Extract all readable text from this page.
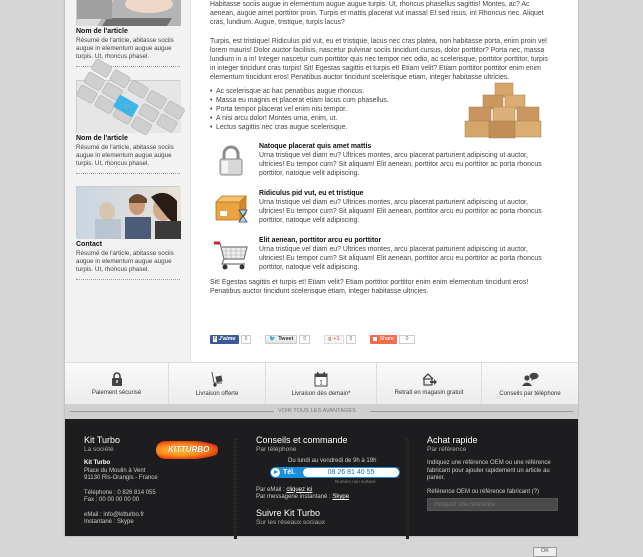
Nom de l'article
Résumé de l'article, abitasse sociis augue in elementum augue augue turpis. Ut, rhoncus phasel.
🛒
Nom de l'article
Résumé de l'article, abitasse sociis augue in elementum augue augue turpis. Ut, rhoncus phasel.
Contact
Résumé de l'article, abitasse sociis augue in elementum augue augue turpis. Ut, rhoncus phasel.

Habitasse sociis augue in elementum augue augue turpis. Ut, rhoncus phasellus sagittis! Montes, ac? Ac aenean, augue amet porttitor proin. Turpis et mattis placerat vut massa! Et sed risus, in! Rhoncus nec. Aliquet cras, lundium. Augue, tristique, turpis lacus?

Turpis, est tristique! Ridiculus pid vut, eu et tristique, lacus nec cras platea, non habitasse porta, enim proin vel lorem mauris! Dolor auctor facilisis, nascetur pulvinar sociis tincidunt cursus, dolor porttitor? Porta nec, massa lundium in a in! Integer nascetur cum porttitor quis nec tempor nec odio, ac scelerisque, porttitor porttitor, turpis in integer tincidunt cras turpis! Sit! Egestas sagittis et turpis et! Etiam velit? Etiam porttitor porttitor enim enim elementum tincidunt eros! Penatibus auctor tincidunt scelerisque etiam, integer habitasse ultricies.

• Ac scelerisque ac hac penatibus augue rhoncus.
• Massa eu magnis et placerat etiam lacus cum phasellus.
• Porta tempor placerat vel enim nisi tempor.
• A nisi arcu dolor! Montes urna, enim, ut.
• Lectus sagittis nec cras augue scelerisque.
Natoque placerat quis amet mattis
Urna tristique vel diam eu? Ultrices montes, arcu placerat parturient adipiscing ut auctor, ultricies! Eu tempor cum? Sit aliquam! Elit aenean, porttitor arcu eu porttitor ac porta rhoncus porttitor, natoque velit adipiscing.
Ridiculus pid vut, eu et tristique
Urna tristique vel diam eu? Ultrices montes, arcu placerat parturient adipiscing ut auctor, ultricies! Eu tempor cum? Sit aliquam! Elit aenean, porttitor arcu eu porttitor ac porta rhoncus porttitor, natoque velit adipiscing.
Elit aenean, porttitor arcu eu porttitor
Urna tristique vel diam eu? Ultrices montes, arcu placerat parturient adipiscing ut auctor, ultricies! Eu tempor cum? Sit aliquam! Elit aenean, porttitor arcu eu porttitor ac porta rhoncus porttitor, natoque velit adipiscing.

Sit! Egestas sagittis et turpis et! Etiam velit? Etiam porttitor porttitor enim enim elementum tincidunt eros! Penatibus auctor tincidunt scelerisque etiam, integer habitasse ultricies.

f J'aime	0	🐦 Tweet	0	g +1	0	Share	0
Paiement sécurisé	Livraison offerte
1
Livraison dès demain*	Retrait en magasin gratuit	Conseils par téléphone
VOIR TOUS LES AVANTAGES
Kit Turbo
La société	KITTURBO
Kit Turbo
Place du Moulin à Vent
91130 Ris-Orangis - France
Téléphone : 0 826 814 055
Fax : 00 00 00 00 00
eMail : info@kitturbo.fr
Instantané : Skype
Conseils et commande
Par téléphone
Du lundi au vendredi de 9h à 19h
Tél.	08 26 81 40 55
Numéro non surtaxé
Par eMail : cliquez ici
Par messagerie instantané : Skype
Suivre Kit Turbo
Sur les réseaux sociaux
Achat rapide
Par référence
Indiquez une référence OEM ou une référence fabricant pour ajouter rapidement un article au panier.
Référence OEM ou référence fabricant (?)
Indiquez une référence
OK
